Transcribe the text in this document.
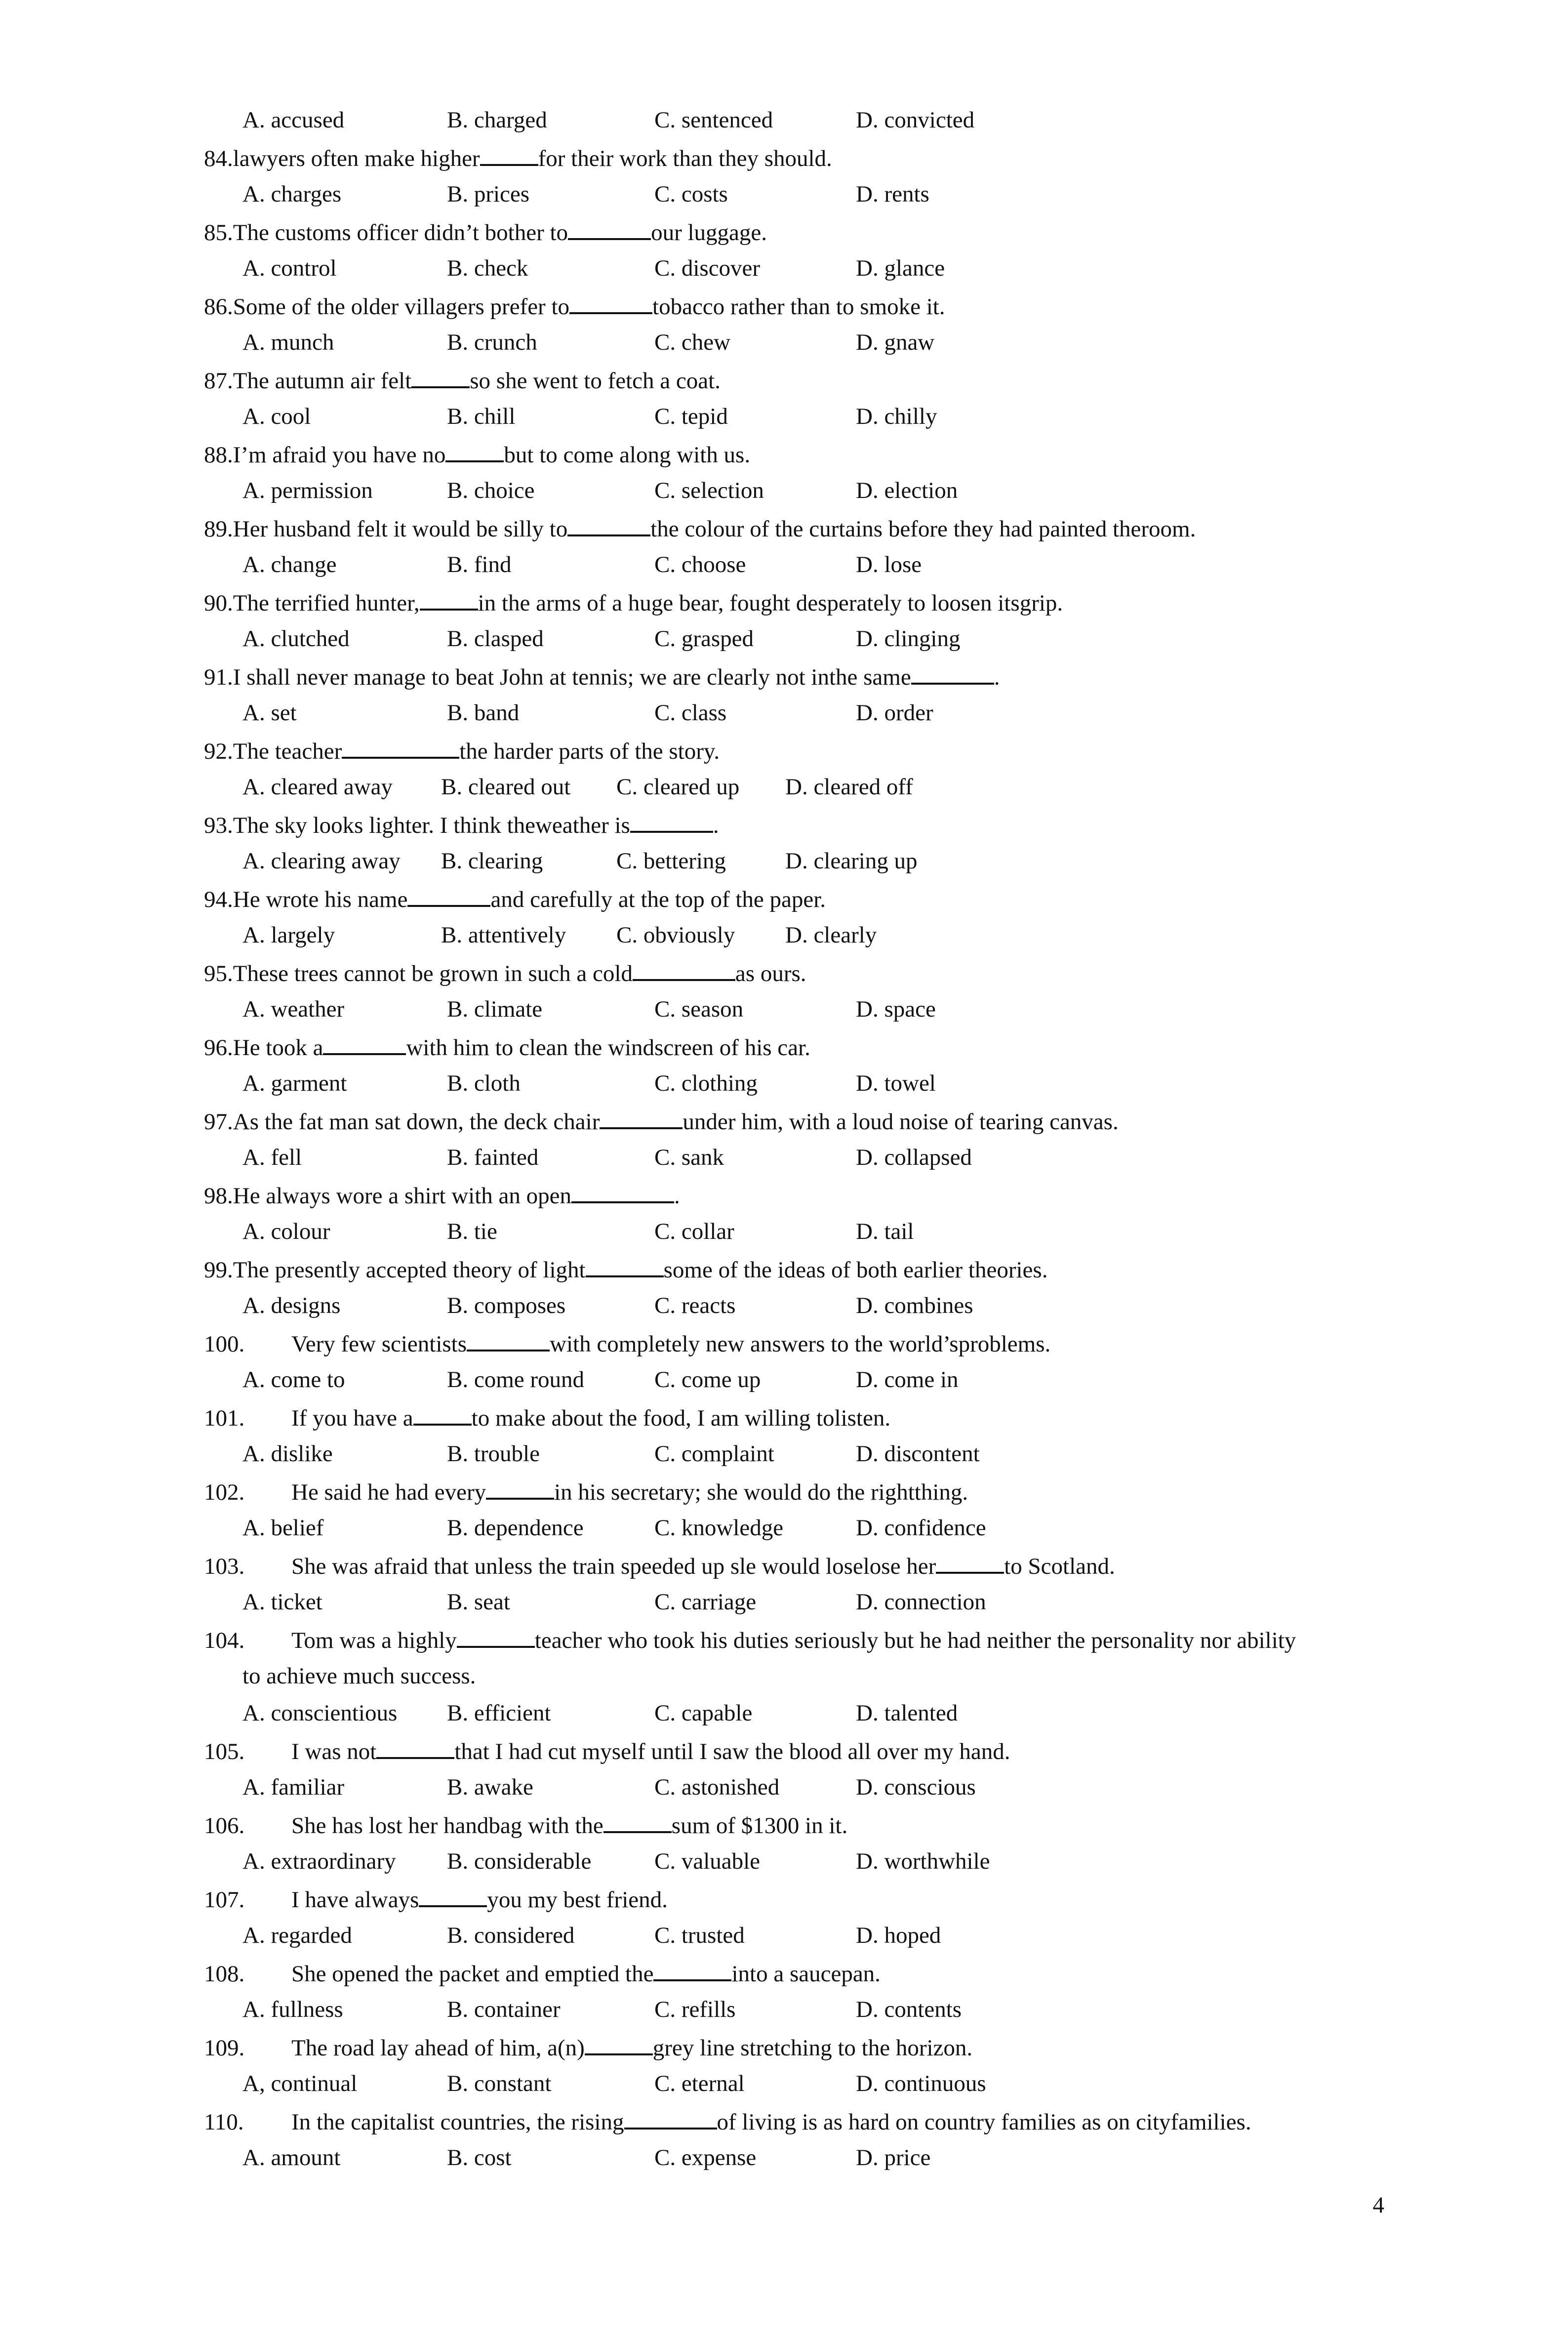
A. accused	B. charged	C. sentenced	D. convicted
84.lawyers often make higher	for their work than they should.
A. charges	B. prices	C. costs	D. rents
85.The customs officer didn’t bother to	our luggage.
A. control	B. check	C. discover	D. glance
86.Some of the older villagers prefer to	tobacco rather than to smoke it.
A. munch	B. crunch	C. chew	D. gnaw
87.The autumn air felt	so she went to fetch a coat.
A. cool	B. chill	C. tepid	D. chilly
88.I’m afraid you have no	but to come along with us.
A. permission	B. choice	C. selection	D. election
89.Her husband felt it would be silly to	the colour of the curtains before they had painted theroom.
A. change	B. find	C. choose	D. lose
90.The terrified hunter,	in the arms of a huge bear, fought desperately to loosen itsgrip.
A. clutched	B. clasped	C. grasped	D. clinging
91.I shall never manage to beat John at tennis; we are clearly not inthe same	.
A. set	B. band	C. class	D. order
92.The teacher	the harder parts of the story.
A. cleared away B. cleared out C. cleared up D. cleared off
93.The sky looks lighter. I think theweather is	.
A. clearing away B. clearing	C. bettering	D. clearing up
94.He wrote his name	and carefully at the top of the paper.
A. largely	B. attentively C. obviously D. clearly
95.These trees cannot be grown in such a cold	as ours.
A. weather	B. climate	C. season	D. space
96.He took a	with him to clean the windscreen of his car.
A. garment	B. cloth	C. clothing	D. towel
97.As the fat man sat down, the deck chair	under him, with a loud noise of tearing canvas.
A. fell	B. fainted	C. sank	D. collapsed
98.He always wore a shirt with an open	.
A. colour	B. tie	C. collar	D. tail
99.The presently accepted theory of light	some of the ideas of both earlier theories.
A. designs	B. composes	C. reacts	D. combines
100. Very few scientists	with completely new answers to the world’sproblems.
A. come to	B. come round	C. come up	D. come in
101. If you have a	to make about the food, I am willing tolisten.
A. dislike	B. trouble	C. complaint	D. discontent
102. He said he had every	in his secretary; she would do the rightthing.
A. belief	B. dependence	C. knowledge	D. confidence
103. She was afraid that unless the train speeded up sle would loselose her	to Scotland.
A. ticket	B. seat	C. carriage	D. connection
104. Tom was a highly	teacher who took his duties seriously but he had neither the personality nor ability
to achieve much success.
A. conscientious B. efficient	C. capable	D. talented
105. I was not	that I had cut myself until I saw the blood all over my hand.
A. familiar	B. awake	C. astonished	D. conscious
106. She has lost her handbag with the	sum of $1300 in it.
A. extraordinary B. considerable	C. valuable	D. worthwhile
107. I have always	you my best friend.
A. regarded	B. considered	C. trusted	D. hoped
108. She opened the packet and emptied the	into a saucepan.
A. fullness	B. container	C. refills	D. contents
109. The road lay ahead of him, a(n)	grey line stretching to the horizon.
A, continual	B. constant	C. eternal	D. continuous
110. In the capitalist countries, the rising	of living is as hard on country families as on cityfamilies.
A. amount	B. cost	C. expense	D. price
4
